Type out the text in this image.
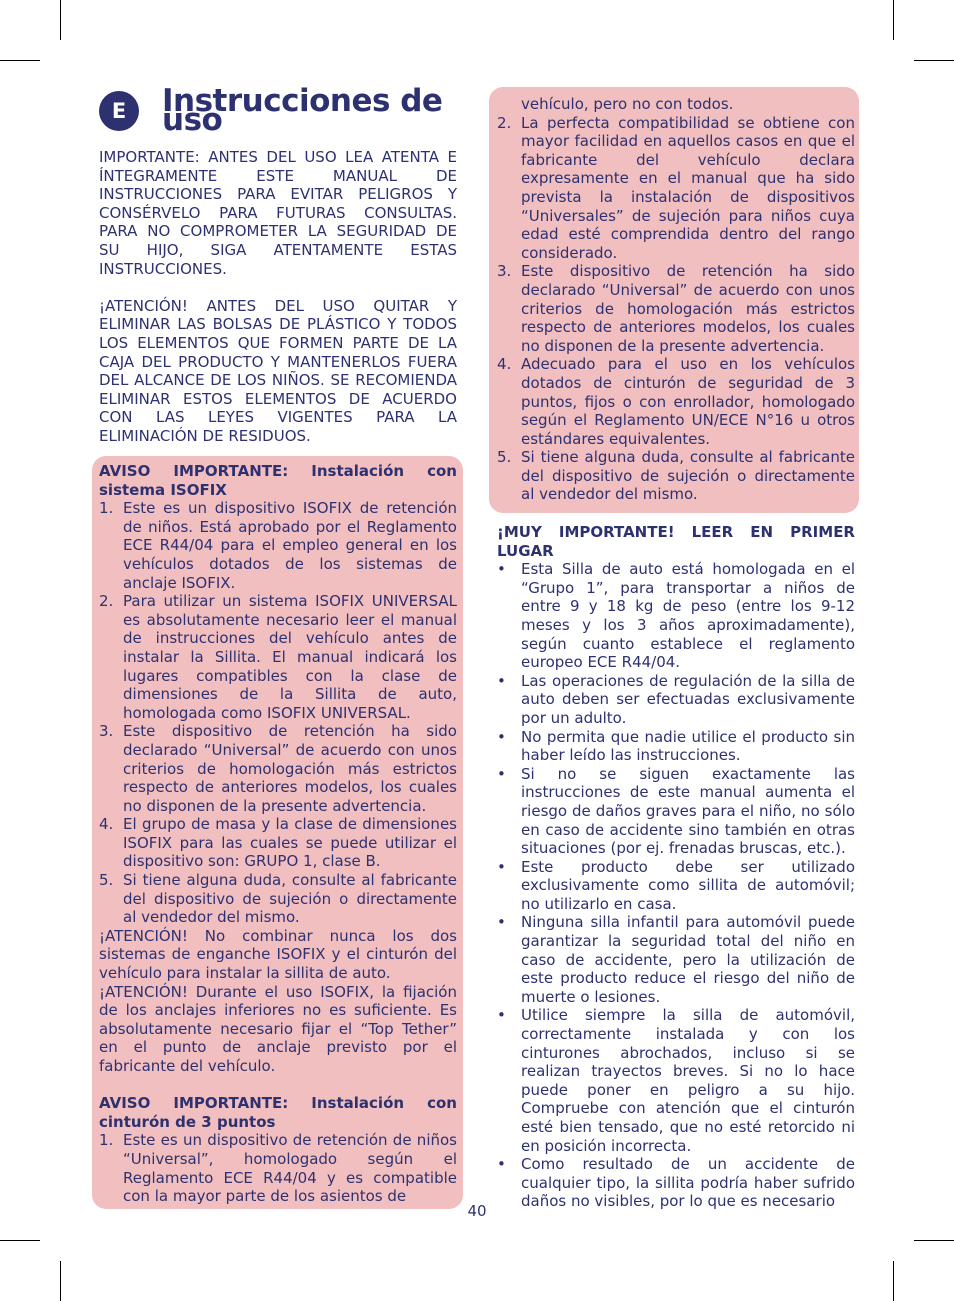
E	Instrucciones de uso

IMPORTANTE: ANTES DEL USO LEA ATENTA E ÍNTEGRAMENTE ESTE MANUAL DE INSTRUCCIONES PARA EVITAR PELIGROS Y CONSÉRVELO PARA FUTURAS CONSULTAS. PARA NO COMPROMETER LA SEGURIDAD DE SU HIJO, SIGA ATENTAMENTE ESTAS INSTRUCCIONES.

¡ATENCIÓN! ANTES DEL USO QUITAR Y ELIMINAR LAS BOLSAS DE PLÁSTICO Y TODOS LOS ELEMENTOS QUE FORMEN PARTE DE LA CAJA DEL PRODUCTO Y MANTENERLOS FUERA DEL ALCANCE DE LOS NIÑOS. SE RECOMIENDA ELIMINAR ESTOS ELEMENTOS DE ACUERDO CON LAS LEYES VIGENTES PARA LA ELIMINACIÓN DE RESIDUOS.

AVISO IMPORTANTE: Instalación con sistema ISOFIX

1. Este es un dispositivo ISOFIX de retención de niños. Está aprobado por el Reglamento ECE R44/04 para el empleo general en los vehículos dotados de los sistemas de anclaje ISOFIX.
2. Para utilizar un sistema ISOFIX UNIVERSAL es absolutamente necesario leer el manual de instrucciones del vehículo antes de instalar la Sillita. El manual indicará los lugares compatibles con la clase de dimensiones de la Sillita de auto, homologada como ISOFIX UNIVERSAL.
3. Este dispositivo de retención ha sido declarado “Universal” de acuerdo con unos criterios de homologación más estrictos respecto de anteriores modelos, los cuales no disponen de la presente advertencia.
4. El grupo de masa y la clase de dimensiones ISOFIX para las cuales se puede utilizar el dispositivo son: GRUPO 1, clase B.
5. Si tiene alguna duda, consulte al fabricante del dispositivo de sujeción o directamente al vendedor del mismo.

¡ATENCIÓN! No combinar nunca los dos sistemas de enganche ISOFIX y el cinturón del vehículo para instalar la sillita de auto.

¡ATENCIÓN! Durante el uso ISOFIX, la fijación de los anclajes inferiores no es suficiente. Es absolutamente necesario fijar el “Top Tether” en el punto de anclaje previsto por el fabricante del vehículo.

AVISO IMPORTANTE: Instalación con cinturón de 3 puntos

1. Este es un dispositivo de retención de niños “Universal”, homologado según el Reglamento ECE R44/04 y es compatible con la mayor parte de los asientos de
vehículo, pero no con todos.
2. La perfecta compatibilidad se obtiene con mayor facilidad en aquellos casos en que el fabricante del vehículo declara expresamente en el manual que ha sido prevista la instalación de dispositivos “Universales” de sujeción para niños cuya edad esté comprendida dentro del rango considerado.
3. Este dispositivo de retención ha sido declarado “Universal” de acuerdo con unos criterios de homologación más estrictos respecto de anteriores modelos, los cuales no disponen de la presente advertencia.
4. Adecuado para el uso en los vehículos dotados de cinturón de seguridad de 3 puntos, fijos o con enrollador, homologado según el Reglamento UN/ECE N°16 u otros estándares equivalentes.
5. Si tiene alguna duda, consulte al fabricante del dispositivo de sujeción o directamente al vendedor del mismo.

¡MUY IMPORTANTE! LEER EN PRIMER LUGAR

•	Esta Silla de auto está homologada en el “Grupo 1”, para transportar a niños de entre 9 y 18 kg de peso (entre los 9-12 meses y los 3 años aproximadamente), según cuanto establece el reglamento europeo ECE R44/04.
•	Las operaciones de regulación de la silla de auto deben ser efectuadas exclusivamente por un adulto.
•	No permita que nadie utilice el producto sin haber leído las instrucciones.
•	Si no se siguen exactamente las instrucciones de este manual aumenta el riesgo de daños graves para el niño, no sólo en caso de accidente sino también en otras situaciones (por ej. frenadas bruscas, etc.).
•	Este producto debe ser utilizado exclusivamente como sillita de automóvil; no utilizarlo en casa.
•	Ninguna silla infantil para automóvil puede garantizar la seguridad total del niño en caso de accidente, pero la utilización de este producto reduce el riesgo del niño de muerte o lesiones.
•	Utilice siempre la silla de automóvil, correctamente instalada y con los cinturones abrochados, incluso si se realizan trayectos breves. Si no lo hace puede poner en peligro a su hijo. Compruebe con atención que el cinturón esté bien tensado, que no esté retorcido ni en posición incorrecta.
•	Como resultado de un accidente de cualquier tipo, la sillita podría haber sufrido daños no visibles, por lo que es necesario
40
